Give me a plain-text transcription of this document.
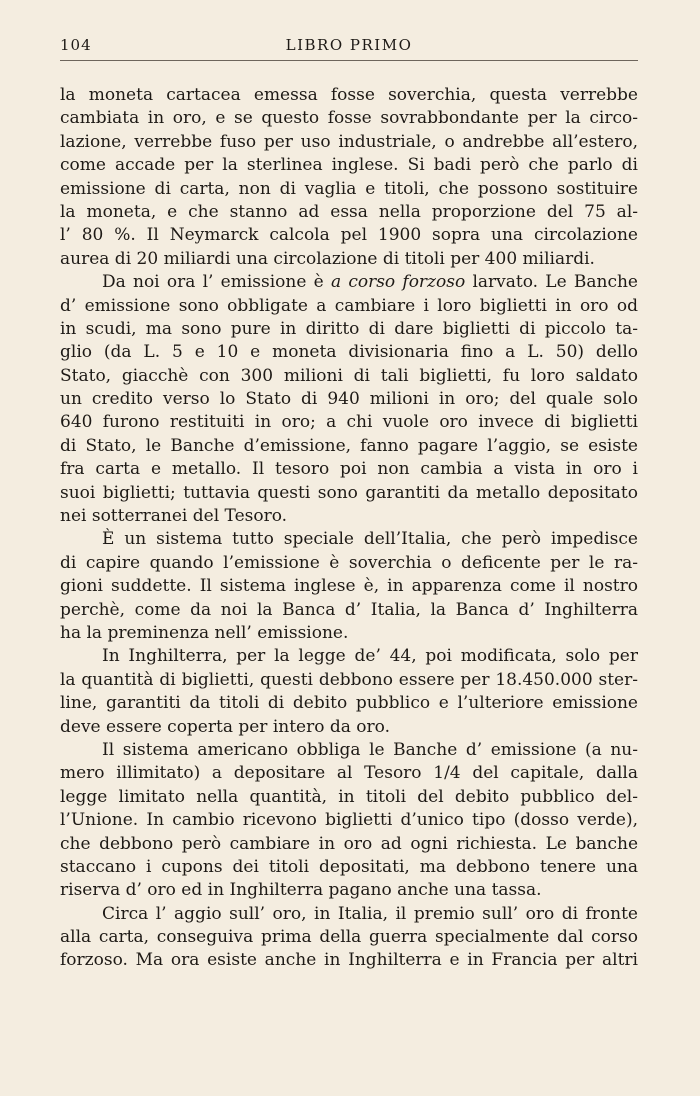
104	LIBRO PRIMO
la moneta cartacea emessa fosse soverchia, questa verrebbe
cambiata in oro, e se questo fosse sovrabbondante per la circo-
lazione, verrebbe fuso per uso industriale, o andrebbe all’estero,
come accade per la sterlinea inglese. Si badi però che parlo di
emissione di carta, non di vaglia e titoli, che possono sostituire
la moneta, e che stanno ad essa nella proporzione del 75 al-
l’ 80 %. Il Neymarck calcola pel 1900 sopra una circolazione
aurea di 20 miliardi una circolazione di titoli per 400 miliardi.
Da noi ora l’ emissione è a corso forzoso larvato. Le Banche
d’ emissione sono obbligate a cambiare i loro biglietti in oro od
in scudi, ma sono pure in diritto di dare biglietti di piccolo ta-
glio (da L. 5 e 10 e moneta divisionaria fino a L. 50) dello
Stato, giacchè con 300 milioni di tali biglietti, fu loro saldato
un credito verso lo Stato di 940 milioni in oro; del quale solo
640 furono restituiti in oro; a chi vuole oro invece di biglietti
di Stato, le Banche d’emissione, fanno pagare l’aggio, se esiste
fra carta e metallo. Il tesoro poi non cambia a vista in oro i
suoi biglietti; tuttavia questi sono garantiti da metallo depositato
nei sotterranei del Tesoro.
È un sistema tutto speciale dell’Italia, che però impedisce
di capire quando l’emissione è soverchia o deficente per le ra-
gioni suddette. Il sistema inglese è, in apparenza come il nostro
perchè, come da noi la Banca d’ Italia, la Banca d’ Inghilterra
ha la preminenza nell’ emissione.
In Inghilterra, per la legge de’ 44, poi modificata, solo per
la quantità di biglietti, questi debbono essere per 18.450.000 ster-
line, garantiti da titoli di debito pubblico e l’ulteriore emissione
deve essere coperta per intero da oro.
Il sistema americano obbliga le Banche d’ emissione (a nu-
mero illimitato) a depositare al Tesoro 1/4 del capitale, dalla
legge limitato nella quantità, in titoli del debito pubblico del-
l’Unione. In cambio ricevono biglietti d’unico tipo (dosso verde),
che debbono però cambiare in oro ad ogni richiesta. Le banche
staccano i cupons dei titoli depositati, ma debbono tenere una
riserva d’ oro ed in Inghilterra pagano anche una tassa.
Circa l’ aggio sull’ oro, in Italia, il premio sull’ oro di fronte
alla carta, conseguiva prima della guerra specialmente dal corso
forzoso. Ma ora esiste anche in Inghilterra e in Francia per altri
